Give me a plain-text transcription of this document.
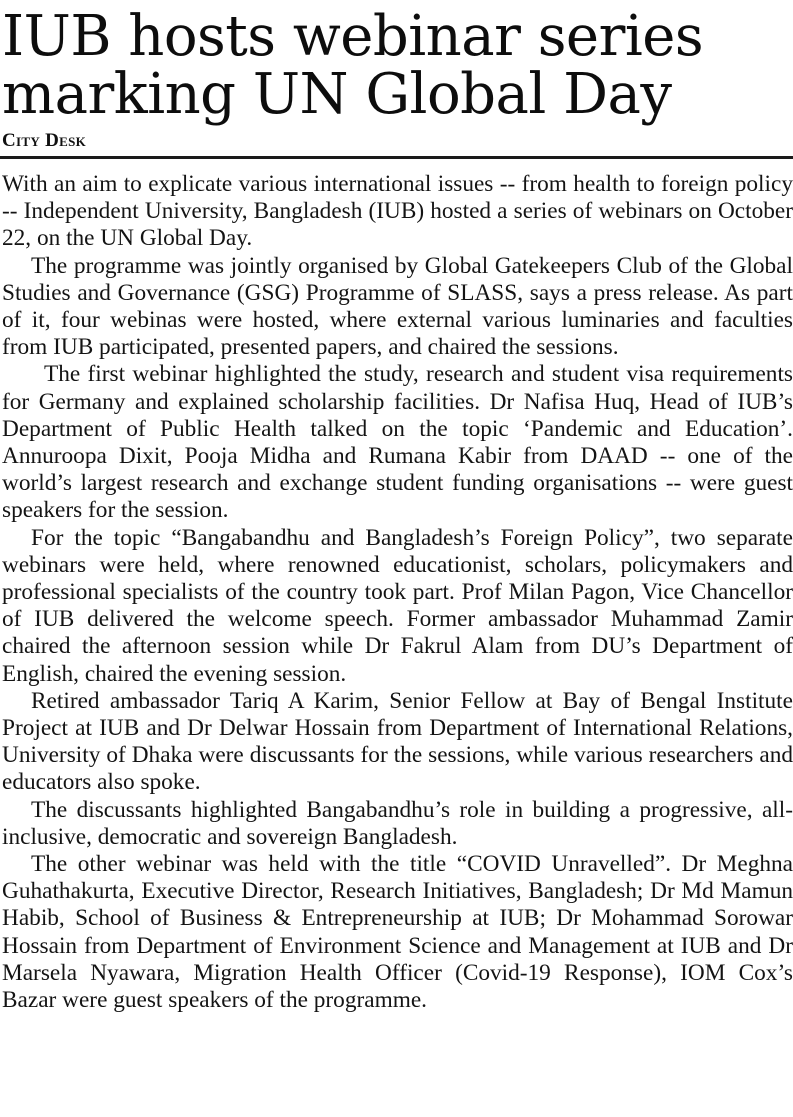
IUB hosts webinar series
marking UN Global Day
City Desk

With an aim to explicate various international issues -- from health to foreign policy -- Independent University, Bangladesh (IUB) hosted a series of webinars on October 22, on the UN Global Day.

The programme was jointly organised by Global Gatekeepers Club of the Global Studies and Governance (GSG) Programme of SLASS, says a press release. As part of it, four webinas were hosted, where external various luminaries and faculties from IUB participated, presented papers, and chaired the sessions.

The first webinar highlighted the study, research and student visa requirements for Germany and explained scholarship facilities. Dr Nafisa Huq, Head of IUB’s Department of Public Health talked on the topic ‘Pandemic and Education’. Annuroopa Dixit, Pooja Midha and Rumana Kabir from DAAD -- one of the world’s largest research and exchange student funding organisations -- were guest speakers for the session.

For the topic “Bangabandhu and Bangladesh’s Foreign Policy”, two separate webinars were held, where renowned educationist, scholars, policymakers and professional specialists of the country took part. Prof Milan Pagon, Vice Chancellor of IUB delivered the welcome speech. Former ambassador Muhammad Zamir chaired the afternoon session while Dr Fakrul Alam from DU’s Department of English, chaired the evening session.

Retired ambassador Tariq A Karim, Senior Fellow at Bay of Bengal Institute Project at IUB and Dr Delwar Hossain from Department of International Relations, University of Dhaka were discussants for the sessions, while various researchers and educators also spoke.

The discussants highlighted Bangabandhu’s role in building a progressive, all-inclusive, democratic and sovereign Bangladesh.

The other webinar was held with the title “COVID Unravelled”. Dr Meghna Guhathakurta, Executive Director, Research Initiatives, Bangladesh; Dr Md Mamun Habib, School of Business & Entrepreneurship at IUB; Dr Mohammad Sorowar Hossain from Department of Environment Science and Management at IUB and Dr Marsela Nyawara, Migration Health Officer (Covid-19 Response), IOM Cox’s Bazar were guest speakers of the programme.
